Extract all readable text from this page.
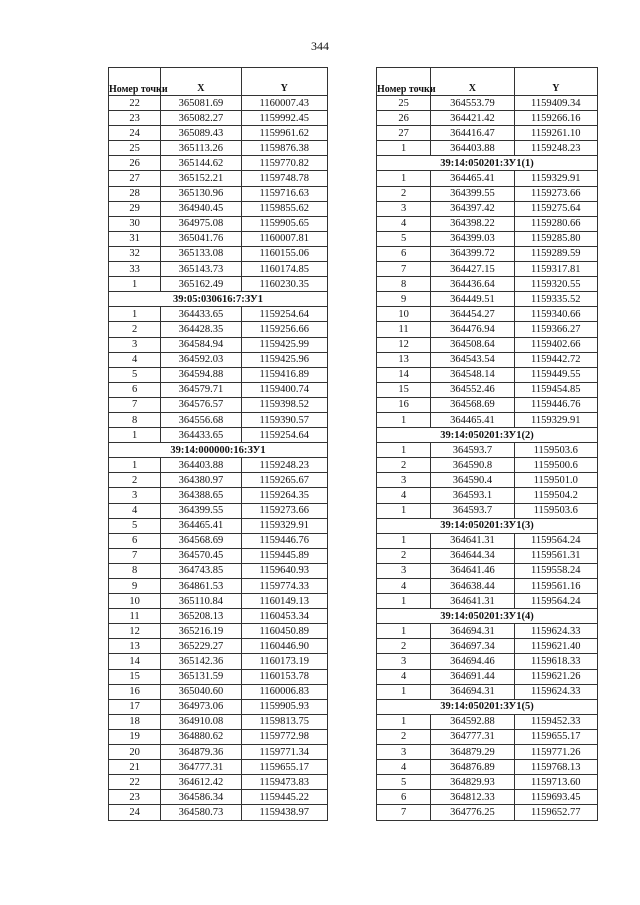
344
Номер точки	X	Y
22	365081.69	1160007.43
23	365082.27	1159992.45
24	365089.43	1159961.62
25	365113.26	1159876.38
26	365144.62	1159770.82
27	365152.21	1159748.78
28	365130.96	1159716.63
29	364940.45	1159855.62
30	364975.08	1159905.65
31	365041.76	1160007.81
32	365133.08	1160155.06
33	365143.73	1160174.85
1	365162.49	1160230.35
39:05:030616:7:ЗУ1		
1	364433.65	1159254.64
2	364428.35	1159256.66
3	364584.94	1159425.99
4	364592.03	1159425.96
5	364594.88	1159416.89
6	364579.71	1159400.74
7	364576.57	1159398.52
8	364556.68	1159390.57
1	364433.65	1159254.64
39:14:000000:16:ЗУ1		
1	364403.88	1159248.23
2	364380.97	1159265.67
3	364388.65	1159264.35
4	364399.55	1159273.66
5	364465.41	1159329.91
6	364568.69	1159446.76
7	364570.45	1159445.89
8	364743.85	1159640.93
9	364861.53	1159774.33
10	365110.84	1160149.13
11	365208.13	1160453.34
12	365216.19	1160450.89
13	365229.27	1160446.90
14	365142.36	1160173.19
15	365131.59	1160153.78
16	365040.60	1160006.83
17	364973.06	1159905.93
18	364910.08	1159813.75
19	364880.62	1159772.98
20	364879.36	1159771.34
21	364777.31	1159655.17
22	364612.42	1159473.83
23	364586.34	1159445.22
24	364580.73	1159438.97
Номер точки	X	Y
25	364553.79	1159409.34
26	364421.42	1159266.16
27	364416.47	1159261.10
1	364403.88	1159248.23
39:14:050201:ЗУ1(1)		
1	364465.41	1159329.91
2	364399.55	1159273.66
3	364397.42	1159275.64
4	364398.22	1159280.66
5	364399.03	1159285.80
6	364399.72	1159289.59
7	364427.15	1159317.81
8	364436.64	1159320.55
9	364449.51	1159335.52
10	364454.27	1159340.66
11	364476.94	1159366.27
12	364508.64	1159402.66
13	364543.54	1159442.72
14	364548.14	1159449.55
15	364552.46	1159454.85
16	364568.69	1159446.76
1	364465.41	1159329.91
39:14:050201:ЗУ1(2)		
1	364593.7	1159503.6
2	364590.8	1159500.6
3	364590.4	1159501.0
4	364593.1	1159504.2
1	364593.7	1159503.6
39:14:050201:ЗУ1(3)		
1	364641.31	1159564.24
2	364644.34	1159561.31
3	364641.46	1159558.24
4	364638.44	1159561.16
1	364641.31	1159564.24
39:14:050201:ЗУ1(4)		
1	364694.31	1159624.33
2	364697.34	1159621.40
3	364694.46	1159618.33
4	364691.44	1159621.26
1	364694.31	1159624.33
39:14:050201:ЗУ1(5)		
1	364592.88	1159452.33
2	364777.31	1159655.17
3	364879.29	1159771.26
4	364876.89	1159768.13
5	364829.93	1159713.60
6	364812.33	1159693.45
7	364776.25	1159652.77
